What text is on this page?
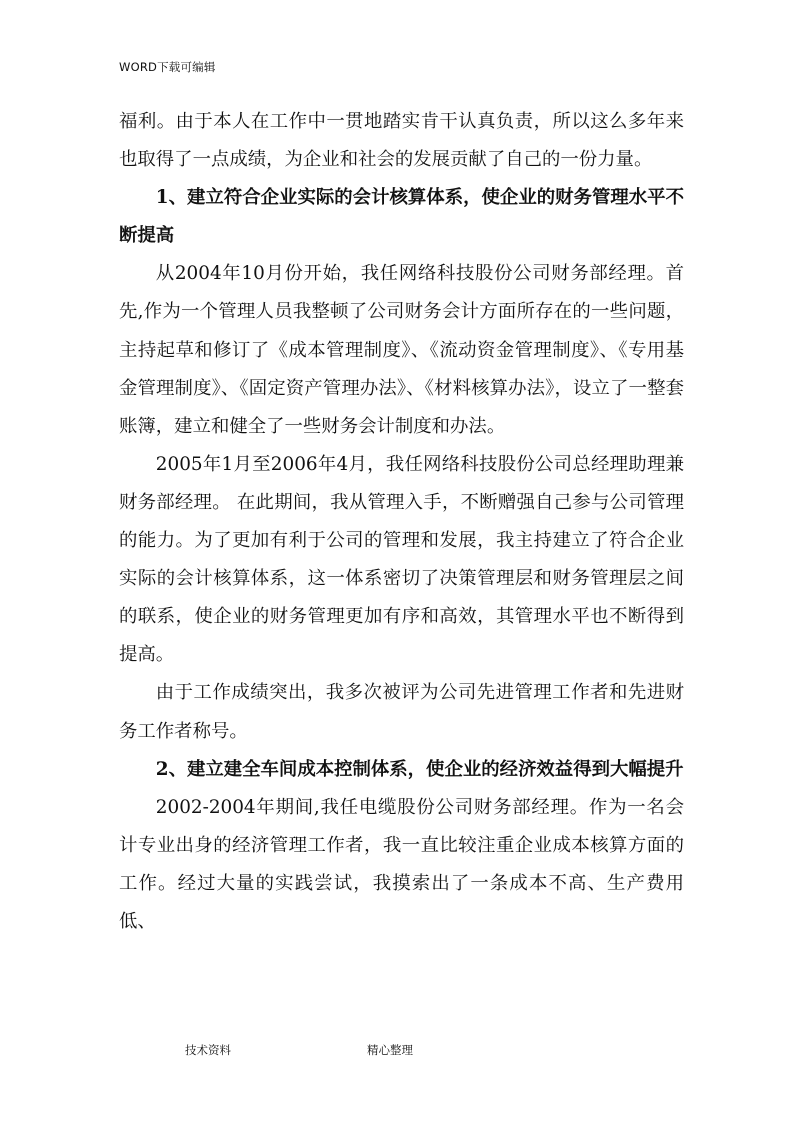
WORD下载可编辑

福利。由于本人在工作中一贯地踏实肯干认真负责，所以这么多年来也取得了一点成绩，为企业和社会的发展贡献了自己的一份力量。

1、建立符合企业实际的会计核算体系，使企业的财务管理水平不断提高

从2004年10月份开始，我任网络科技股份公司财务部经理。首先,作为一个管理人员我整顿了公司财务会计方面所存在的一些问题，主持起草和修订了《成本管理制度》、《流动资金管理制度》、《专用基金管理制度》、《固定资产管理办法》、《材料核算办法》，设立了一整套账簿，建立和健全了一些财务会计制度和办法。

2005年1月至2006年4月，我任网络科技股份公司总经理助理兼财务部经理。 在此期间，我从管理入手，不断赠强自己参与公司管理的能力。为了更加有利于公司的管理和发展，我主持建立了符合企业实际的会计核算体系，这一体系密切了决策管理层和财务管理层之间的联系，使企业的财务管理更加有序和高效，其管理水平也不断得到提高。

由于工作成绩突出，我多次被评为公司先进管理工作者和先进财务工作者称号。

2、建立建全车间成本控制体系，使企业的经济效益得到大幅提升

2002-2004年期间,我任电缆股份公司财务部经理。作为一名会计专业出身的经济管理工作者，我一直比较注重企业成本核算方面的工作。经过大量的实践尝试，我摸索出了一条成本不高、生产费用低、

技术资料	精心整理
